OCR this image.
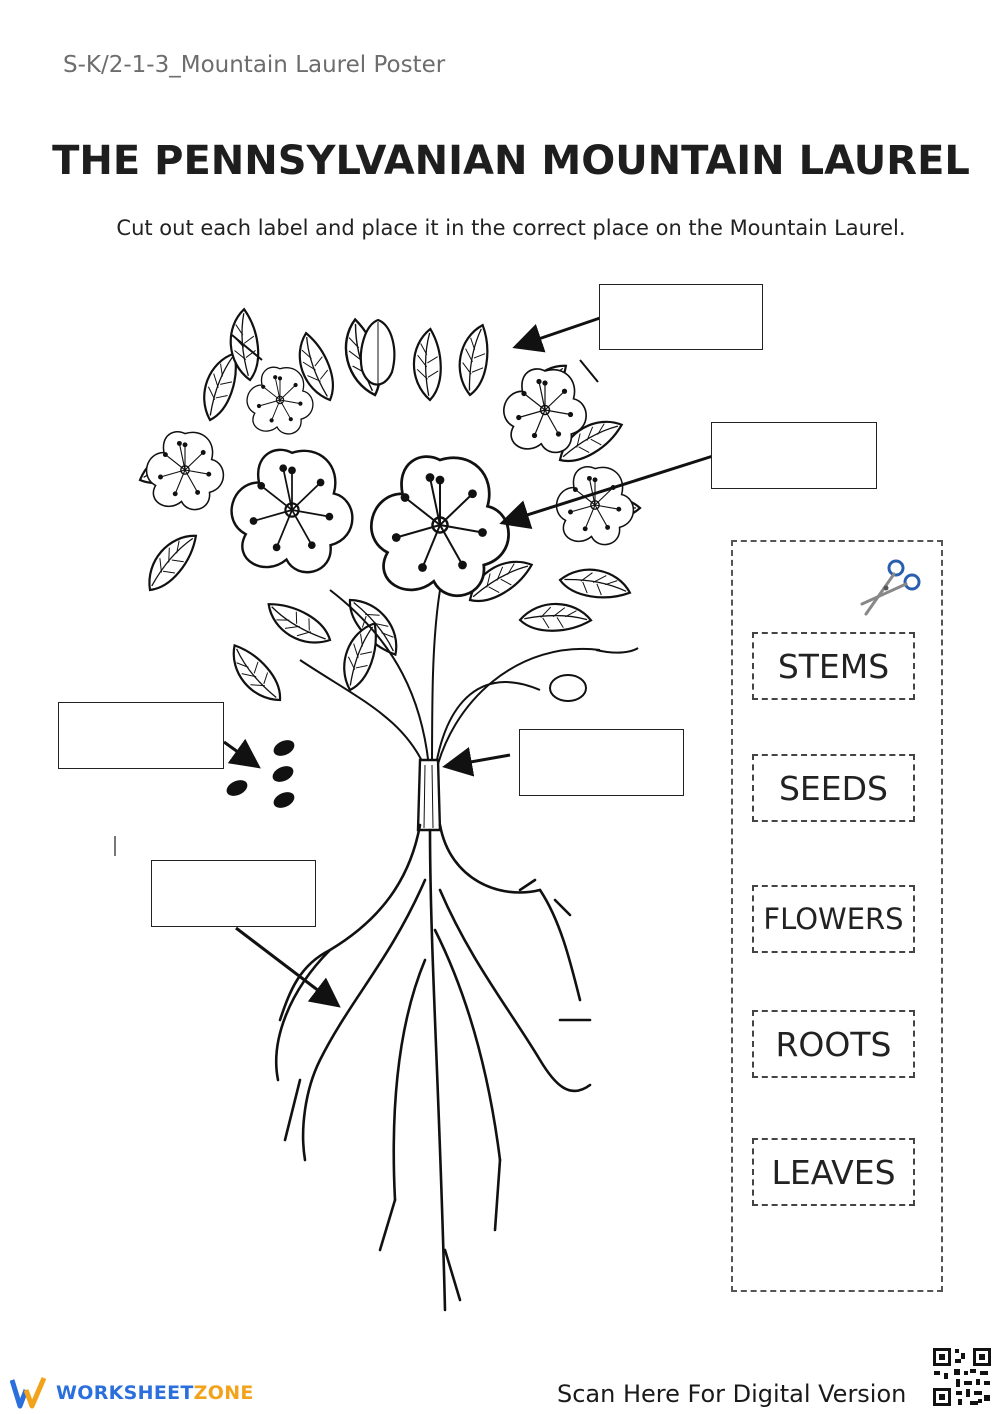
S-K/2-1-3_Mountain Laurel Poster
THE PENNSYLVANIAN MOUNTAIN LAUREL

Cut out each label and place it in the correct place on the Mountain Laurel.

STEMS
SEEDS
FLOWERS
ROOTS
LEAVES
WORKSHEETZONE	Scan Here For Digital Version
